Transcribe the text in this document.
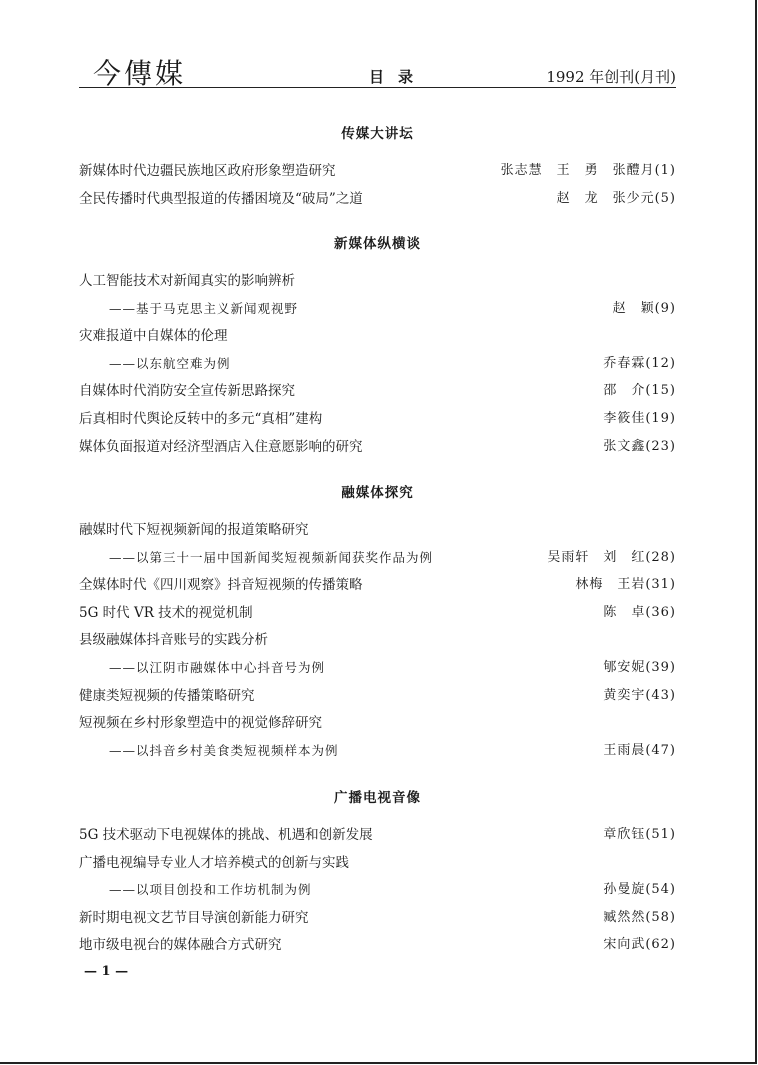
今傳媒	目录	1992 年创刊(月刊)
传媒大讲坛
新媒体时代边疆民族地区政府形象塑造研究	张志慧　王　勇　张醴月(1)
全民传播时代典型报道的传播困境及“破局”之道	赵　龙　张少元(5)
新媒体纵横谈
人工智能技术对新闻真实的影响辨析
——基于马克思主义新闻观视野	赵　颖(9)
灾难报道中自媒体的伦理
——以东航空难为例	乔春霖(12)
自媒体时代消防安全宣传新思路探究	邵　介(15)
后真相时代舆论反转中的多元“真相”建构	李筱佳(19)
媒体负面报道对经济型酒店入住意愿影响的研究	张文鑫(23)
融媒体探究
融媒时代下短视频新闻的报道策略研究
——以第三十一届中国新闻奖短视频新闻获奖作品为例	吴雨轩　刘　红(28)
全媒体时代《四川观察》抖音短视频的传播策略	林梅　王岩(31)
5G 时代 VR 技术的视觉机制	陈　卓(36)
县级融媒体抖音账号的实践分析
——以江阴市融媒体中心抖音号为例	郇安妮(39)
健康类短视频的传播策略研究	黄奕宇(43)
短视频在乡村形象塑造中的视觉修辞研究
——以抖音乡村美食类短视频样本为例	王雨晨(47)
广播电视音像
5G 技术驱动下电视媒体的挑战、机遇和创新发展	章欣钰(51)
广播电视编导专业人才培养模式的创新与实践
——以项目创投和工作坊机制为例	孙曼旋(54)
新时期电视文艺节目导演创新能力研究	臧然然(58)
地市级电视台的媒体融合方式研究	宋向武(62)
— 1 —
